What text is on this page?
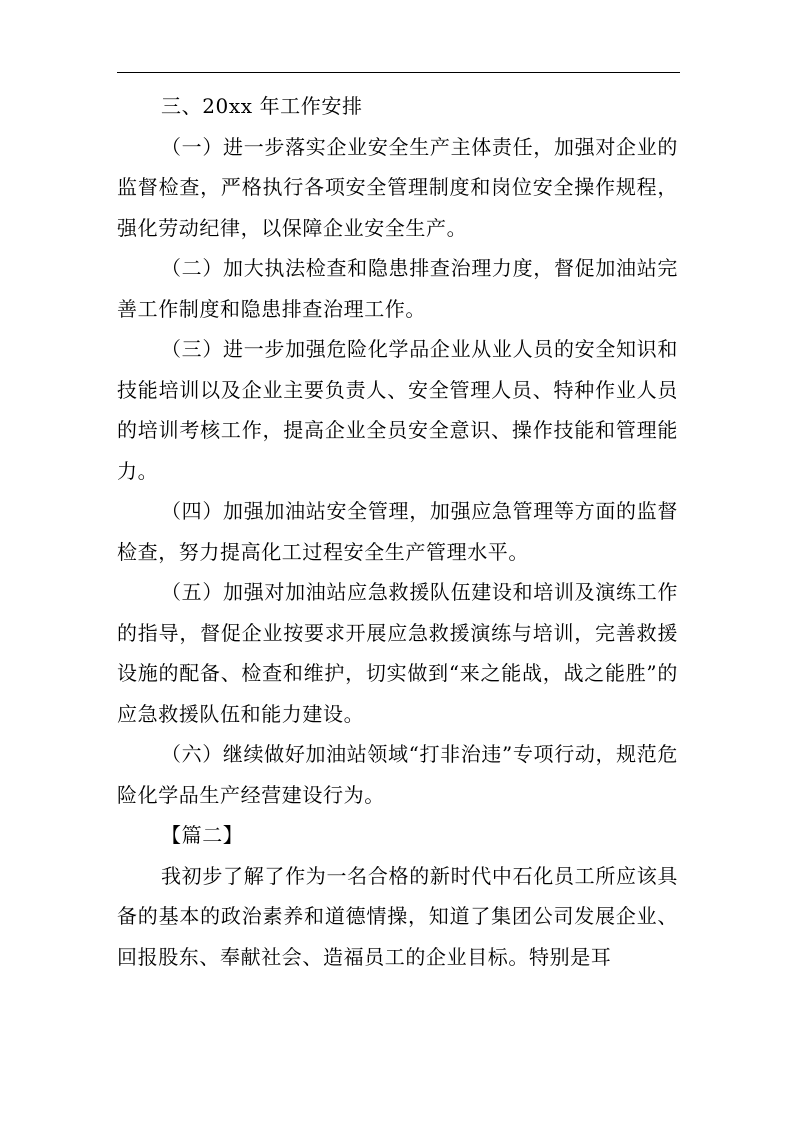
三、20xx 年工作安排

（一）进一步落实企业安全生产主体责任，加强对企业的监督检查，严格执行各项安全管理制度和岗位安全操作规程，强化劳动纪律，以保障企业安全生产。

（二）加大执法检查和隐患排查治理力度，督促加油站完善工作制度和隐患排查治理工作。

（三）进一步加强危险化学品企业从业人员的安全知识和技能培训以及企业主要负责人、安全管理人员、特种作业人员的培训考核工作，提高企业全员安全意识、操作技能和管理能力。

（四）加强加油站安全管理，加强应急管理等方面的监督检查，努力提高化工过程安全生产管理水平。

（五）加强对加油站应急救援队伍建设和培训及演练工作的指导，督促企业按要求开展应急救援演练与培训，完善救援设施的配备、检查和维护，切实做到“来之能战，战之能胜”的应急救援队伍和能力建设。

（六）继续做好加油站领域“打非治违”专项行动，规范危险化学品生产经营建设行为。

【篇二】

我初步了解了作为一名合格的新时代中石化员工所应该具备的基本的政治素养和道德情操，知道了集团公司发展企业、回报股东、奉献社会、造福员工的企业目标。特别是耳
